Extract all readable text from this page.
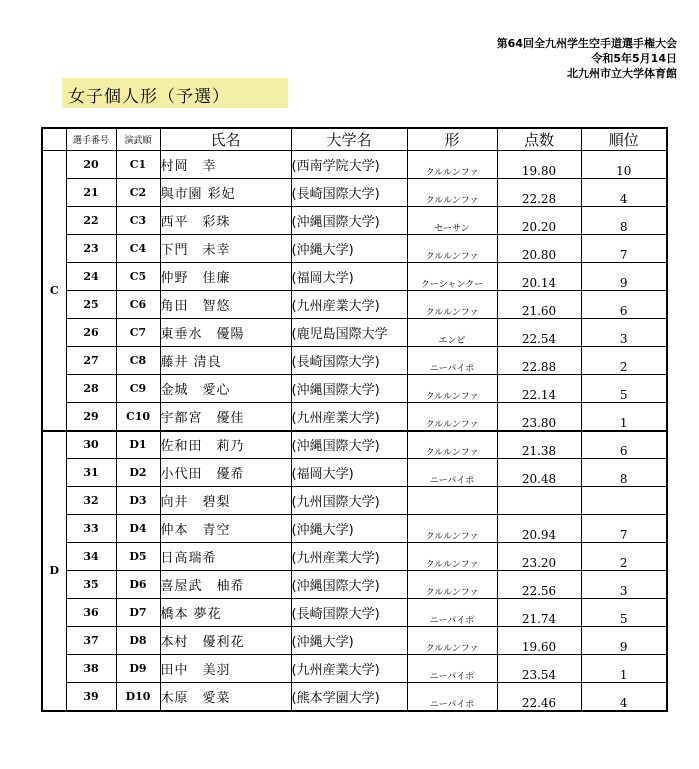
第64回全九州学生空手道選手権大会
令和5年5月14日
北九州市立大学体育館
女子個人形（予選）
	選手番号	演武順	氏名	大学名	形	点数	順位
C	20	C1	村岡　幸	(西南学院大学)	クルルンファ	19.80	10
	21	C2	與市園 彩妃	(長崎国際大学)	クルルンファ	22.28	4
	22	C3	西平　彩珠	(沖縄国際大学)	セーサン	20.20	8
	23	C4	下門　未幸	(沖縄大学)	クルルンファ	20.80	7
	24	C5	仲野　佳廉	(福岡大学)	クーシャンクー	20.14	9
	25	C6	角田　智悠	(九州産業大学)	クルルンファ	21.60	6
	26	C7	東垂水　優陽	(鹿児島国際大学	エンピ	22.54	3
	27	C8	藤井 清良	(長崎国際大学)	ニーパイポ	22.88	2
	28	C9	金城　愛心	(沖縄国際大学)	クルルンファ	22.14	5
	29	C10	宇都宮　優佳	(九州産業大学)	クルルンファ	23.80	1
D	30	D1	佐和田　莉乃	(沖縄国際大学)	クルルンファ	21.38	6
	31	D2	小代田　優希	(福岡大学)	ニーパイポ	20.48	8
	32	D3	向井　碧梨	(九州国際大学)			
	33	D4	仲本　青空	(沖縄大学)	クルルンファ	20.94	7
	34	D5	日高瑞希	(九州産業大学)	クルルンファ	23.20	2
	35	D6	喜屋武　柚希	(沖縄国際大学)	クルルンファ	22.56	3
	36	D7	橋本 夢花	(長崎国際大学)	ニーパイポ	21.74	5
	37	D8	本村　優利花	(沖縄大学)	クルルンファ	19.60	9
	38	D9	田中　美羽	(九州産業大学)	ニーパイポ	23.54	1
	39	D10	木原　愛菜	(熊本学園大学)	ニーパイポ	22.46	4
